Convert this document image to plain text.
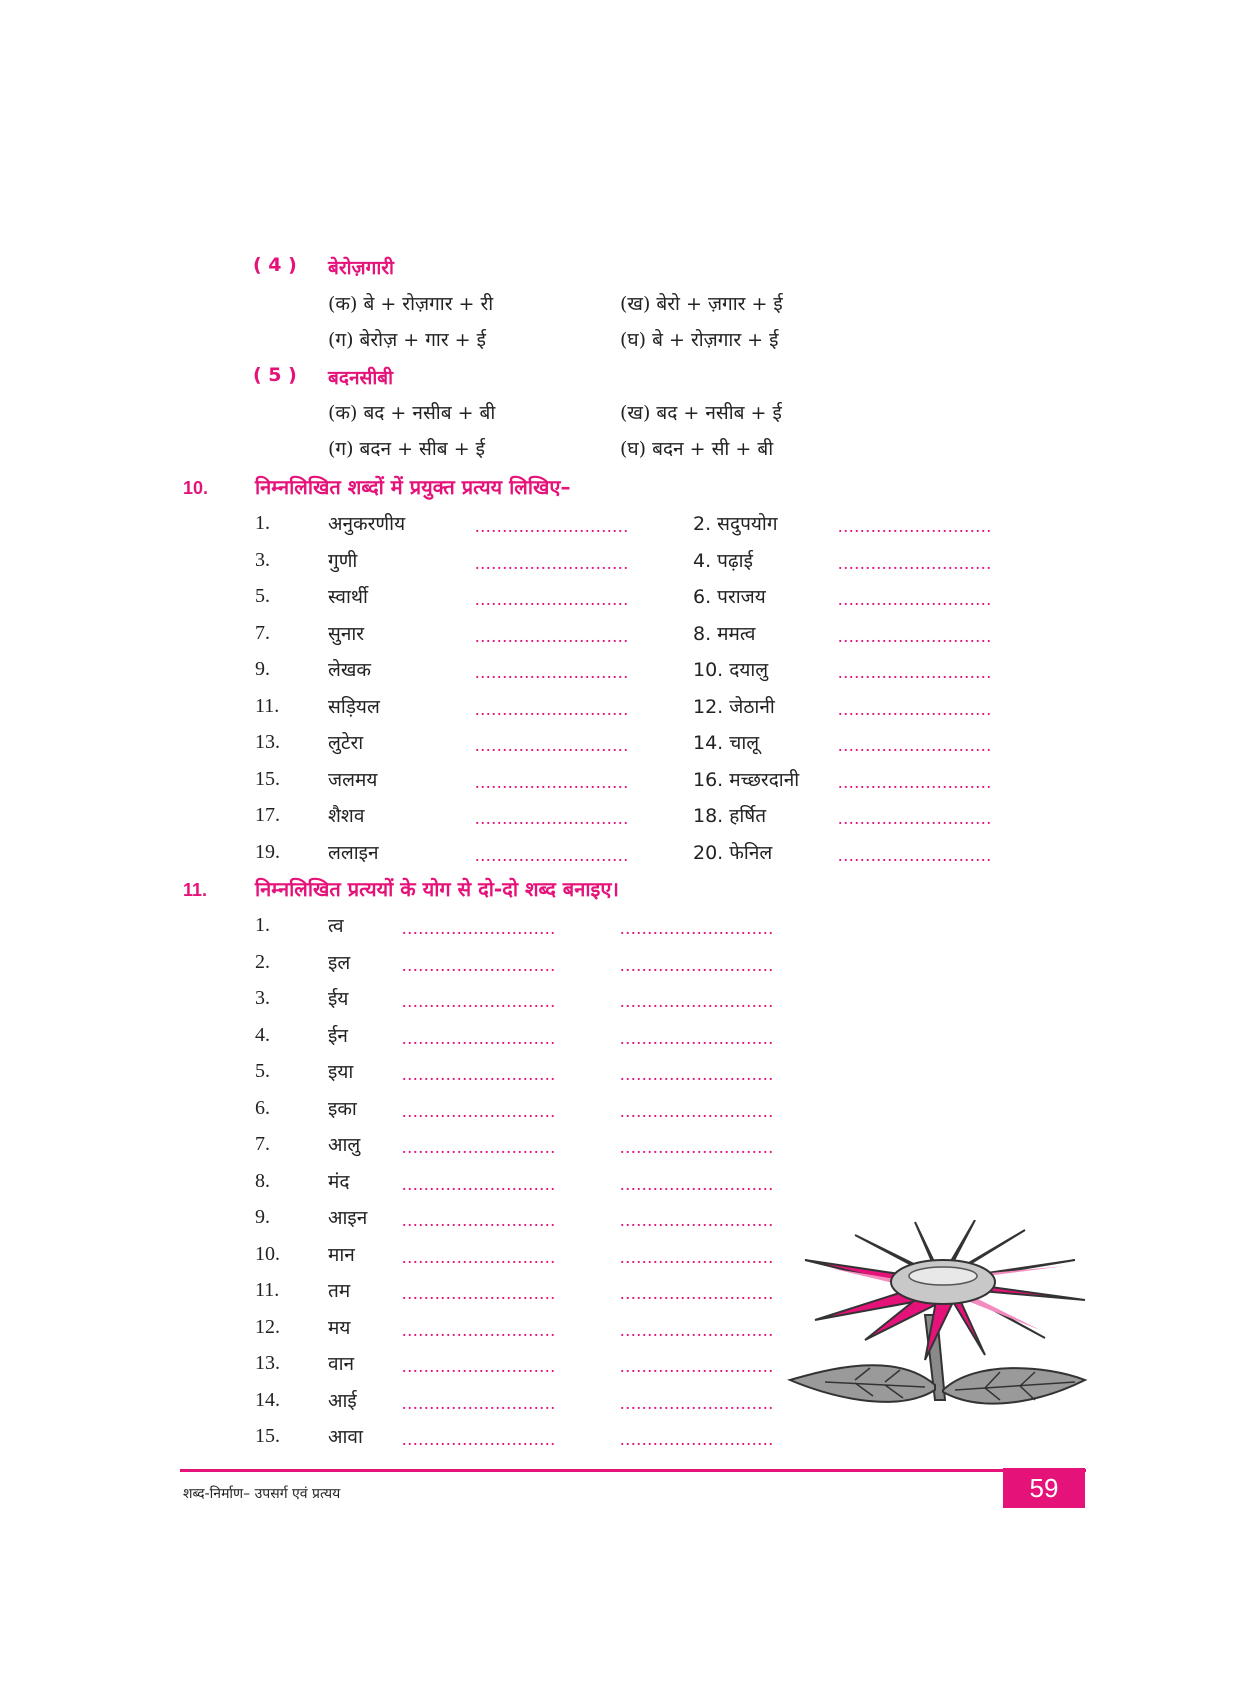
( 4 ) बेरोज़गारी
(क) बे + रोज़गार + री	(ख) बेरो + ज़गार + ई
(ग) बेरोज़ + गार + ई	(घ) बे + रोज़गार + ई
( 5 ) बदनसीबी
(क) बद + नसीब + बी	(ख) बद + नसीब + ई
(ग) बदन + सीब + ई	(घ) बदन + सी + बी
10. निम्नलिखित शब्दों में प्रयुक्त प्रत्यय लिखिए–
1.	अनुकरणीय	............................	2. सदुपयोग	............................
3.	गुणी	............................	4. पढ़ाई	............................
5.	स्वार्थी	............................	6. पराजय	............................
7.	सुनार	............................	8. ममत्व	............................
9.	लेखक	............................	10. दयालु	............................
11.	सड़ियल	............................	12. जेठानी	............................
13.	लुटेरा	............................	14. चालू	............................
15.	जलमय	............................	16. मच्छरदानी ............................
17.	शैशव	............................	18. हर्षित	............................
19.	ललाइन	............................	20. फेनिल	............................
11. निम्नलिखित प्रत्ययों के योग से दो-दो शब्द बनाइए।
1.	त्व	............................	............................
2.	इल	............................	............................
3.	ईय	............................	............................
4.	ईन	............................	............................
5.	इया	............................	............................
6.	इका	............................	............................
7.	आलु ............................	............................
8.	मंद	............................	............................
9.	आइन ............................	............................
10.	मान	............................	............................
11.	तम	............................	............................
12.	मय	............................	............................
13.	वान	............................	............................
14.	आई	............................	............................
15.	आवा ............................	............................
शब्द-निर्माण– उपसर्ग एवं प्रत्यय	59
